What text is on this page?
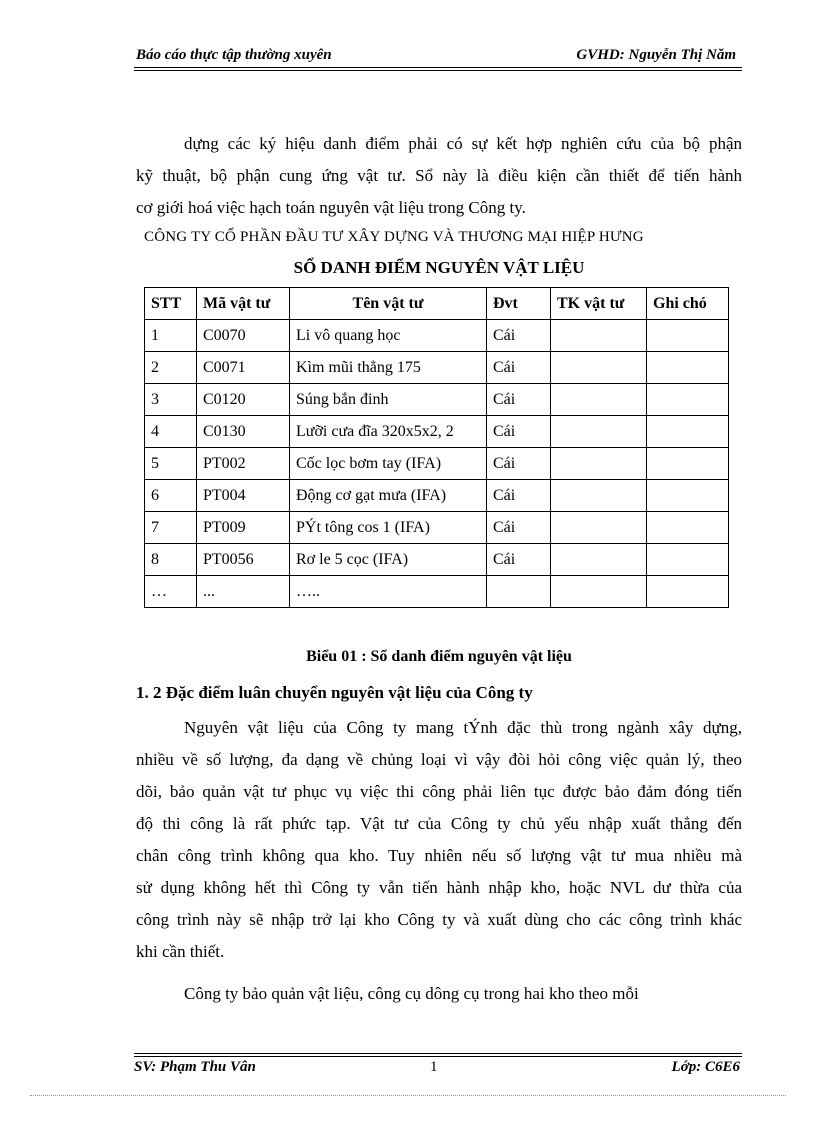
Báo cáo thực tập thường xuyên	GVHD: Nguyễn Thị Năm
dựng các ký hiệu danh điểm phải có sự kết hợp nghiên cứu của bộ phận
kỹ thuật, bộ phận cung ứng vật tư. Sổ này là điều kiện cần thiết để tiến hành
cơ giới hoá việc hạch toán nguyên vật liệu trong Công ty.
CÔNG TY CỔ PHẦN ĐẦU TƯ XÂY DỰNG VÀ THƯƠNG MẠI HIỆP HƯNG
SỔ DANH ĐIỂM NGUYÊN VẬT LIỆU
STT	Mã vật tư	Tên vật tư	Đvt	TK vật tư	Ghi chó
1	C0070	Li vô quang học	Cái		
2	C0071	Kìm mũi thẳng 175	Cái		
3	C0120	Súng bắn đinh	Cái		
4	C0130	Lưỡi cưa đĩa 320x5x2, 2	Cái		
5	PT002	Cốc lọc bơm tay (IFA)	Cái		
6	PT004	Động cơ gạt mưa (IFA)	Cái		
7	PT009	PÝt tông cos 1 (IFA)	Cái		
8	PT0056	Rơ le 5 cọc (IFA)	Cái		
…	...	…..			
Biểu 01 : Sổ danh điểm nguyên vật liệu
1. 2 Đặc điểm luân chuyển nguyên vật liệu của Công ty
Nguyên vật liệu của Công ty mang tÝnh đặc thù trong ngành xây dựng,
nhiều về số lượng, đa dạng về chủng loại vì vậy đòi hỏi công việc quản lý, theo
dõi, bảo quản vật tư phục vụ việc thi công phải liên tục được bảo đảm đóng tiến
độ thi công là rất phức tạp. Vật tư của Công ty chủ yếu nhập xuất thẳng đến
chân công trình không qua kho. Tuy nhiên nếu số lượng vật tư mua nhiều mà
sử dụng không hết thì Công ty vẫn tiến hành nhập kho, hoặc NVL dư thừa của
công trình này sẽ nhập trở lại kho Công ty và xuất dùng cho các công trình khác
khi cần thiết.
Công ty bảo quản vật liệu, công cụ dông cụ trong hai kho theo mỗi
SV: Phạm Thu Vân	1	Lớp: C6E6
